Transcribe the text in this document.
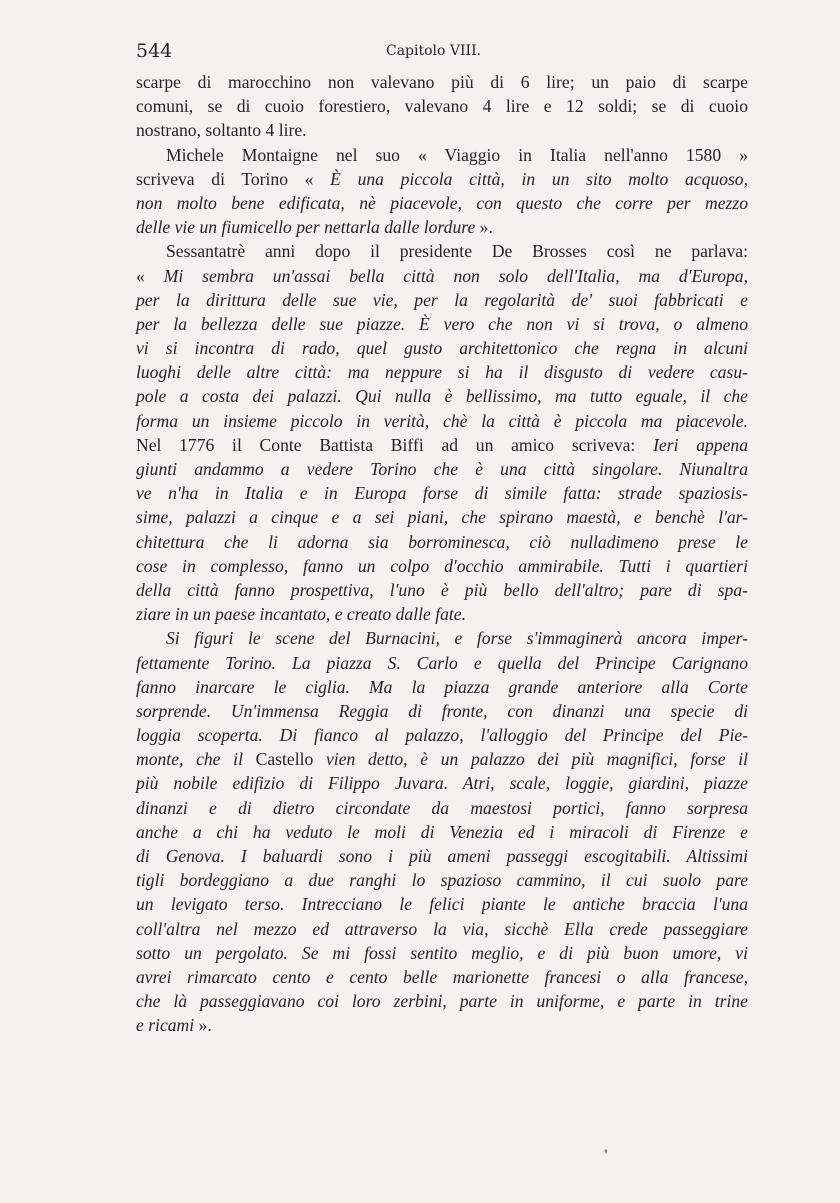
544	Capitolo VIII.
scarpe di marocchino non valevano più di 6 lire; un paio di scarpe
comuni, se di cuoio forestiero, valevano 4 lire e 12 soldi; se di cuoio
nostrano, soltanto 4 lire.
Michele Montaigne nel suo « Viaggio in Italia nell'anno 1580 »
scriveva di Torino « È una piccola città, in un sito molto acquoso,
non molto bene edificata, nè piacevole, con questo che corre per mezzo
delle vie un fiumicello per nettarla dalle lordure ».
Sessantatrè anni dopo il presidente De Brosses così ne parlava:
« Mi sembra un'assai bella città non solo dell'Italia, ma d'Europa,
per la dirittura delle sue vie, per la regolarità de' suoi fabbricati e
per la bellezza delle sue piazze. È vero che non vi si trova, o almeno
vi si incontra di rado, quel gusto architettonico che regna in alcuni
luoghi delle altre città: ma neppure si ha il disgusto di vedere casu-
pole a costa dei palazzi. Qui nulla è bellissimo, ma tutto eguale, il che
forma un insieme piccolo in verità, chè la città è piccola ma piacevole.
Nel 1776 il Conte Battista Biffi ad un amico scriveva: Ieri appena
giunti andammo a vedere Torino che è una città singolare. Niunaltra
ve n'ha in Italia e in Europa forse di simile fatta: strade spaziosis-
sime, palazzi a cinque e a sei piani, che spirano maestà, e benchè l'ar-
chitettura che li adorna sia borrominesca, ciò nulladimeno prese le
cose in complesso, fanno un colpo d'occhio ammirabile. Tutti i quartieri
della città fanno prospettiva, l'uno è più bello dell'altro; pare di spa-
ziare in un paese incantato, e creato dalle fate.
Si figuri le scene del Burnacini, e forse s'immaginerà ancora imper-
fettamente Torino. La piazza S. Carlo e quella del Principe Carignano
fanno inarcare le ciglia. Ma la piazza grande anteriore alla Corte
sorprende. Un'immensa Reggia di fronte, con dinanzi una specie di
loggia scoperta. Di fianco al palazzo, l'alloggio del Principe del Pie-
monte, che il Castello vien detto, è un palazzo dei più magnifici, forse il
più nobile edifizio di Filippo Juvara. Atri, scale, loggie, giardini, piazze
dinanzi e di dietro circondate da maestosi portici, fanno sorpresa
anche a chi ha veduto le moli di Venezia ed i miracoli di Firenze e
di Genova. I baluardi sono i più ameni passeggi escogitabili. Altissimi
tigli bordeggiano a due ranghi lo spazioso cammino, il cui suolo pare
un levigato terso. Intrecciano le felici piante le antiche braccia l'una
coll'altra nel mezzo ed attraverso la via, sicchè Ella crede passeggiare
sotto un pergolato. Se mi fossi sentito meglio, e di più buon umore, vi
avrei rimarcato cento e cento belle marionette francesi o alla francese,
che là passeggiavano coi loro zerbini, parte in uniforme, e parte in trine
e ricami ».
❜
